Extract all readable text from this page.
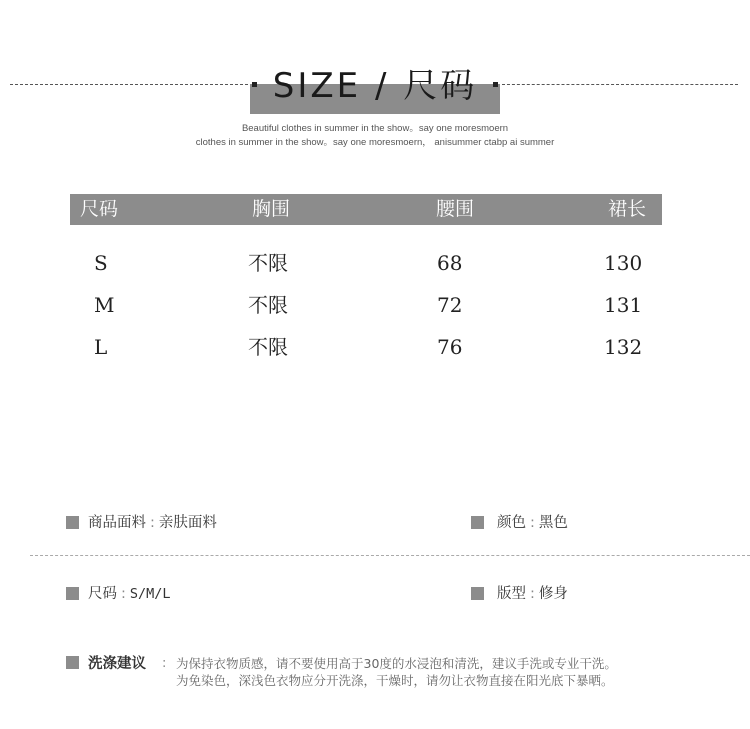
SIZE / 尺码
Beautiful clothes in summer in the show。say one moresmoern
clothes in summer in the show。say one moresmoern， anisummer ctabp ai summer
尺码	胸围	腰围	裙长
S	不限	68	130
M	不限	72	131
L	不限	76	132
商品面料 : 亲肤面料	颜色 : 黑色
尺码 : S/M/L	版型 : 修身
洗涤建议 : 为保持衣物质感，请不要使用高于30度的水浸泡和清洗，建议手洗或专业干洗。
为免染色，深浅色衣物应分开洗涤，干燥时，请勿让衣物直接在阳光底下暴晒。
